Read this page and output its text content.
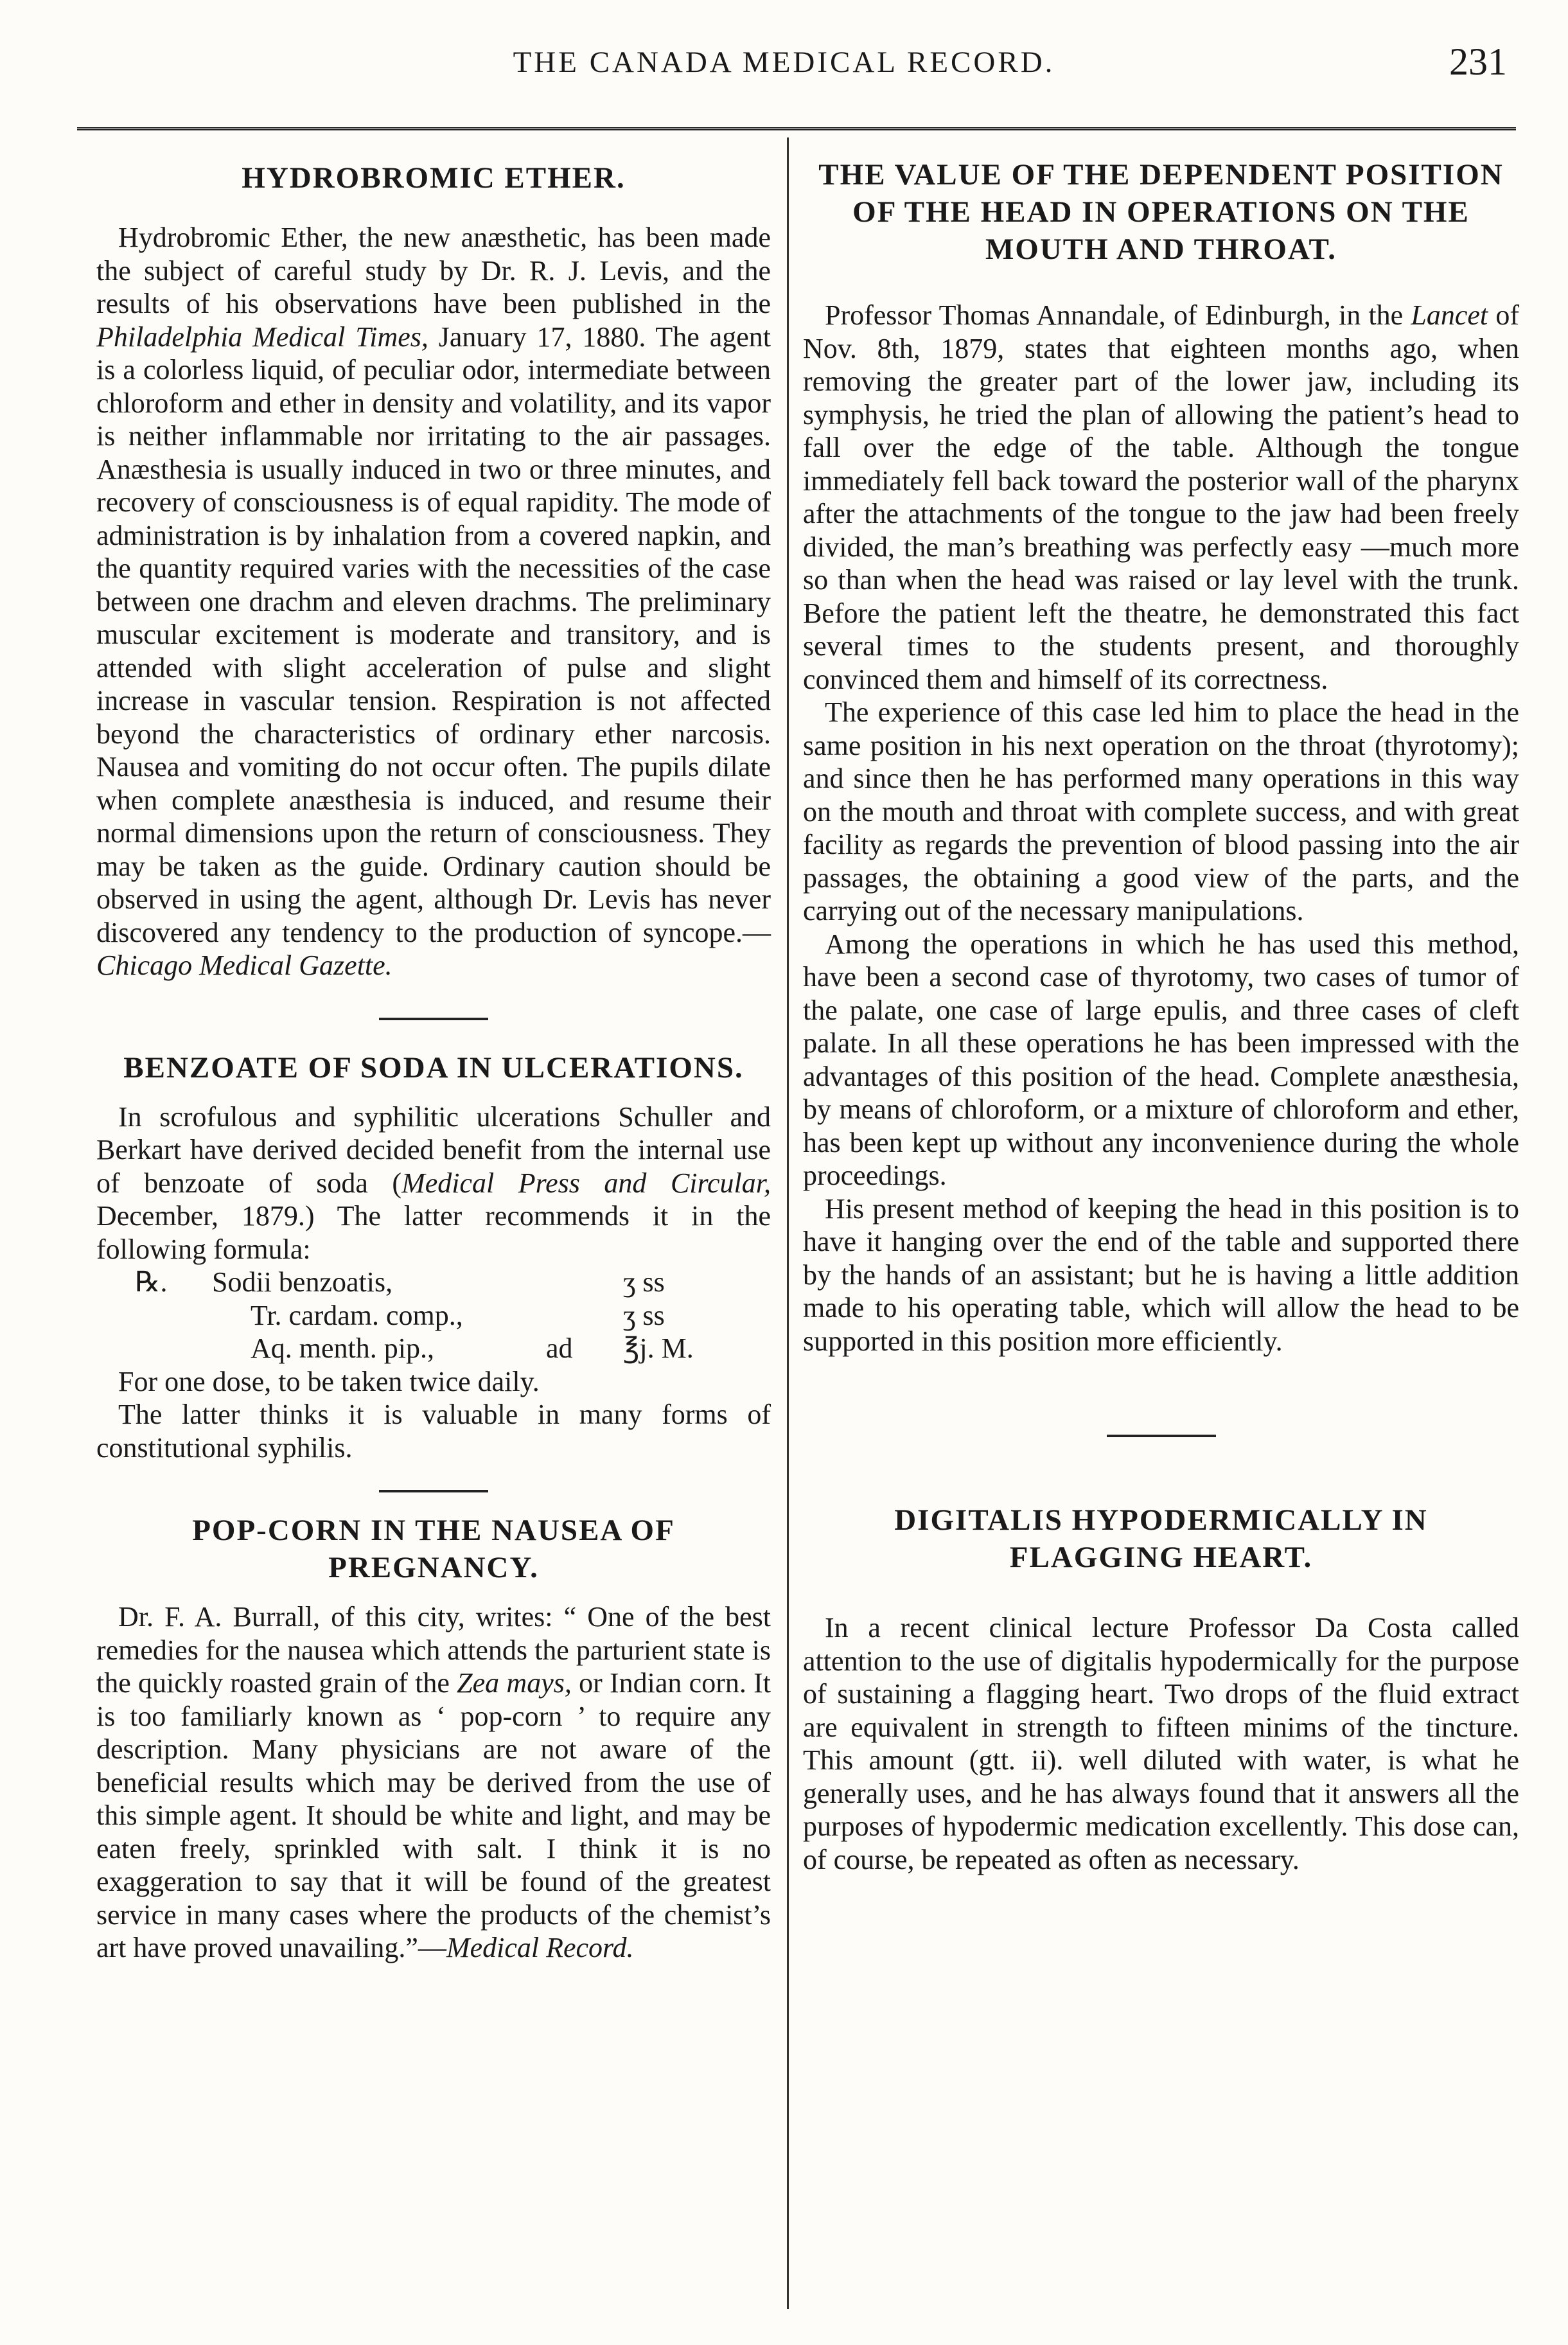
THE CANADA MEDICAL RECORD.	231
HYDROBROMIC ETHER.

Hydrobromic Ether, the new anæsthetic, has been made the subject of careful study by Dr. R. J. Levis, and the results of his observations have been published in the Philadelphia Medical Times, January 17, 1880. The agent is a colorless liquid, of peculiar odor, intermediate between chloroform and ether in density and volatility, and its vapor is neither inflammable nor irritating to the air passages. Anæsthesia is usually induced in two or three minutes, and recovery of consciousness is of equal rapidity. The mode of administration is by inhalation from a covered napkin, and the quantity required varies with the necessities of the case between one drachm and eleven drachms. The preliminary muscular excitement is moderate and transitory, and is attended with slight acceleration of pulse and slight increase in vascular tension. Respiration is not affected beyond the characteristics of ordinary ether narcosis. Nausea and vomiting do not occur often. The pupils dilate when complete anæsthesia is induced, and resume their normal dimensions upon the return of consciousness. They may be taken as the guide. Ordinary caution should be observed in using the agent, although Dr. Levis has never discovered any tendency to the production of syncope.—Chicago Medical Gazette.

BENZOATE OF SODA IN ULCERATIONS.

In scrofulous and syphilitic ulcerations Schuller and Berkart have derived decided benefit from the internal use of benzoate of soda (Medical Press and Circular, December, 1879.) The latter recommends it in the following formula:

℞.	Sodii benzoatis,	ʒ ss
Tr. cardam. comp.,	ʒ ss
Aq. menth. pip.,	ad	℥j. M.

For one dose, to be taken twice daily.

The latter thinks it is valuable in many forms of constitutional syphilis.

POP-CORN IN THE NAUSEA OF PREGNANCY.

Dr. F. A. Burrall, of this city, writes: “ One of the best remedies for the nausea which attends the parturient state is the quickly roasted grain of the Zea mays, or Indian corn. It is too familiarly known as ‘ pop-corn ’ to require any description. Many physicians are not aware of the beneficial results which may be derived from the use of this simple agent. It should be white and light, and may be eaten freely, sprinkled with salt. I think it is no exaggeration to say that it will be found of the greatest service in many cases where the products of the chemist’s art have proved unavailing.”—Medical Record.

THE VALUE OF THE DEPENDENT POSITION OF THE HEAD IN OPERATIONS ON THE MOUTH AND THROAT.

Professor Thomas Annandale, of Edinburgh, in the Lancet of Nov. 8th, 1879, states that eighteen months ago, when removing the greater part of the lower jaw, including its symphysis, he tried the plan of allowing the patient’s head to fall over the edge of the table. Although the tongue immediately fell back toward the posterior wall of the pharynx after the attachments of the tongue to the jaw had been freely divided, the man’s breathing was perfectly easy —much more so than when the head was raised or lay level with the trunk. Before the patient left the theatre, he demonstrated this fact several times to the students present, and thoroughly convinced them and himself of its correctness.

The experience of this case led him to place the head in the same position in his next operation on the throat (thyrotomy); and since then he has performed many operations in this way on the mouth and throat with complete success, and with great facility as regards the prevention of blood passing into the air passages, the obtaining a good view of the parts, and the carrying out of the necessary manipulations.

Among the operations in which he has used this method, have been a second case of thyrotomy, two cases of tumor of the palate, one case of large epulis, and three cases of cleft palate. In all these operations he has been impressed with the advantages of this position of the head. Complete anæsthesia, by means of chloroform, or a mixture of chloroform and ether, has been kept up without any inconvenience during the whole proceedings.

His present method of keeping the head in this position is to have it hanging over the end of the table and supported there by the hands of an assistant; but he is having a little addition made to his operating table, which will allow the head to be supported in this position more efficiently.

DIGITALIS HYPODERMICALLY IN FLAGGING HEART.

In a recent clinical lecture Professor Da Costa called attention to the use of digitalis hypodermically for the purpose of sustaining a flagging heart. Two drops of the fluid extract are equivalent in strength to fifteen minims of the tincture. This amount (gtt. ii). well diluted with water, is what he generally uses, and he has always found that it answers all the purposes of hypodermic medication excellently. This dose can, of course, be repeated as often as necessary.
